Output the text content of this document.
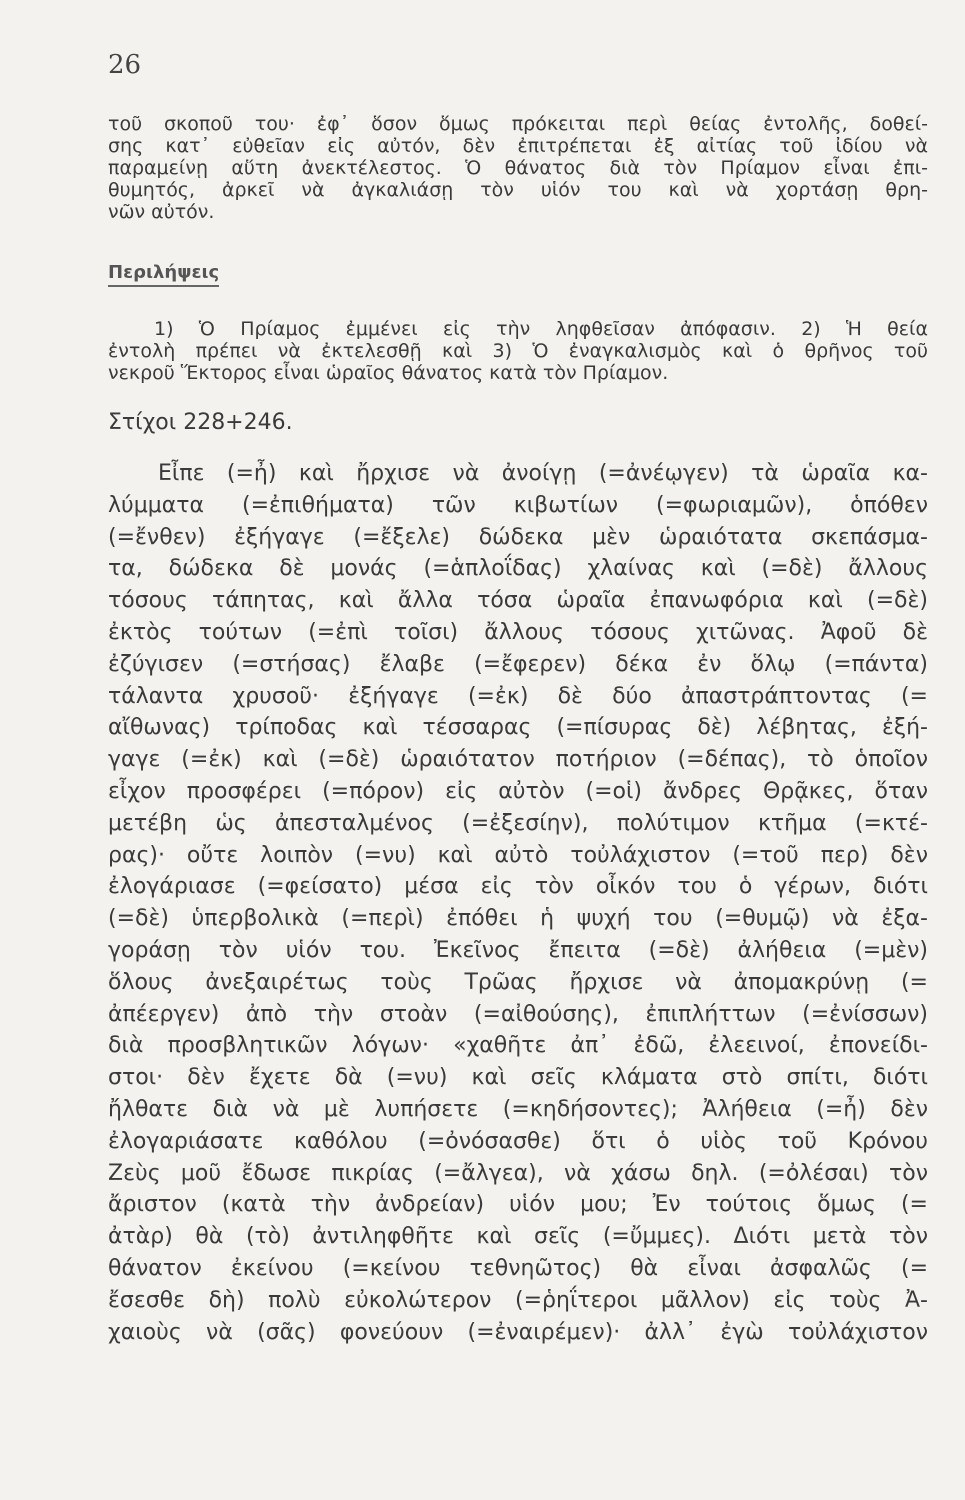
26
τοῦ σκοποῦ του· ἐφ᾽ ὅσον ὅμως πρόκειται περὶ θείας ἐντολῆς, δοθεί-
σης κατ᾽ εὐθεῖαν εἰς αὐτόν, δὲν ἐπιτρέπεται ἐξ αἰτίας τοῦ ἰδίου νὰ
παραμείνῃ αὕτη ἀνεκτέλεστος. Ὁ θάνατος διὰ τὸν Πρίαμον εἶναι ἐπι-
θυμητός, ἀρκεῖ νὰ ἀγκαλιάσῃ τὸν υἱόν του καὶ νὰ χορτάσῃ θρη-
νῶν αὐτόν.
Περιλήψεις
1) Ὁ Πρίαμος ἐμμένει εἰς τὴν ληφθεῖσαν ἀπόφασιν. 2) Ἡ θεία
ἐντολὴ πρέπει νὰ ἐκτελεσθῇ καὶ 3) Ὁ ἐναγκαλισμὸς καὶ ὁ θρῆνος τοῦ
νεκροῦ Ἕκτορος εἶναι ὡραῖος θάνατος κατὰ τὸν Πρίαμον.
Στίχοι 228+246.
Εἶπε (=ἦ) καὶ ἤρχισε νὰ ἀνοίγῃ (=ἀνέῳγεν) τὰ ὡραῖα κα-
λύμματα (=ἐπιθήματα) τῶν κιβωτίων (=φωριαμῶν), ὁπόθεν
(=ἔνθεν) ἐξήγαγε (=ἔξελε) δώδεκα μὲν ὡραιότατα σκεπάσμα-
τα, δώδεκα δὲ μονάς (=ἁπλοΐδας) χλαίνας καὶ (=δὲ) ἄλλους
τόσους τάπητας, καὶ ἄλλα τόσα ὡραῖα ἐπανωφόρια καὶ (=δὲ)
ἐκτὸς τούτων (=ἐπὶ τοῖσι) ἄλλους τόσους χιτῶνας. Ἀφοῦ δὲ
ἐζύγισεν (=στήσας) ἔλαβε (=ἔφερεν) δέκα ἐν ὅλῳ (=πάντα)
τάλαντα χρυσοῦ· ἐξήγαγε (=ἐκ) δὲ δύο ἀπαστράπτοντας (=
αἴθωνας) τρίποδας καὶ τέσσαρας (=πίσυρας δὲ) λέβητας, ἐξή-
γαγε (=ἐκ) καὶ (=δὲ) ὡραιότατον ποτήριον (=δέπας), τὸ ὁποῖον
εἶχον προσφέρει (=πόρον) εἰς αὐτὸν (=οἱ) ἄνδρες Θρᾷκες, ὅταν
μετέβη ὡς ἀπεσταλμένος (=ἐξεσίην), πολύτιμον κτῆμα (=κτέ-
ρας)· οὔτε λοιπὸν (=νυ) καὶ αὐτὸ τοὐλάχιστον (=τοῦ περ) δὲν
ἐλογάριασε (=φείσατο) μέσα εἰς τὸν οἶκόν του ὁ γέρων, διότι
(=δὲ) ὑπερβολικὰ (=περὶ) ἐπόθει ἡ ψυχή του (=θυμῷ) νὰ ἐξα-
γοράσῃ τὸν υἱόν του. Ἐκεῖνος ἔπειτα (=δὲ) ἀλήθεια (=μὲν)
ὅλους ἀνεξαιρέτως τοὺς Τρῶας ἤρχισε νὰ ἀπομακρύνῃ (=
ἀπέεργεν) ἀπὸ τὴν στοὰν (=αἰθούσης), ἐπιπλήττων (=ἐνίσσων)
διὰ προσβλητικῶν λόγων· «χαθῆτε ἀπ᾽ ἐδῶ, ἐλεεινοί, ἐπονείδι-
στοι· δὲν ἔχετε δὰ (=νυ) καὶ σεῖς κλάματα στὸ σπίτι, διότι
ἤλθατε διὰ νὰ μὲ λυπήσετε (=κηδήσοντες); Ἀλήθεια (=ἦ) δὲν
ἐλογαριάσατε καθόλου (=ὀνόσασθε) ὅτι ὁ υἱὸς τοῦ Κρόνου
Ζεὺς μοῦ ἔδωσε πικρίας (=ἄλγεα), νὰ χάσω δηλ. (=ὀλέσαι) τὸν
ἄριστον (κατὰ τὴν ἀνδρείαν) υἱόν μου; Ἐν τούτοις ὅμως (=
ἀτὰρ) θὰ (τὸ) ἀντιληφθῆτε καὶ σεῖς (=ὔμμες). Διότι μετὰ τὸν
θάνατον ἐκείνου (=κείνου τεθνηῶτος) θὰ εἶναι ἀσφαλῶς (=
ἔσεσθε δὴ) πολὺ εὐκολώτερον (=ῥηΐτεροι μᾶλλον) εἰς τοὺς Ἀ-
χαιοὺς νὰ (σᾶς) φονεύουν (=ἐναιρέμεν)· ἀλλ᾽ ἐγὼ τοὐλάχιστον
